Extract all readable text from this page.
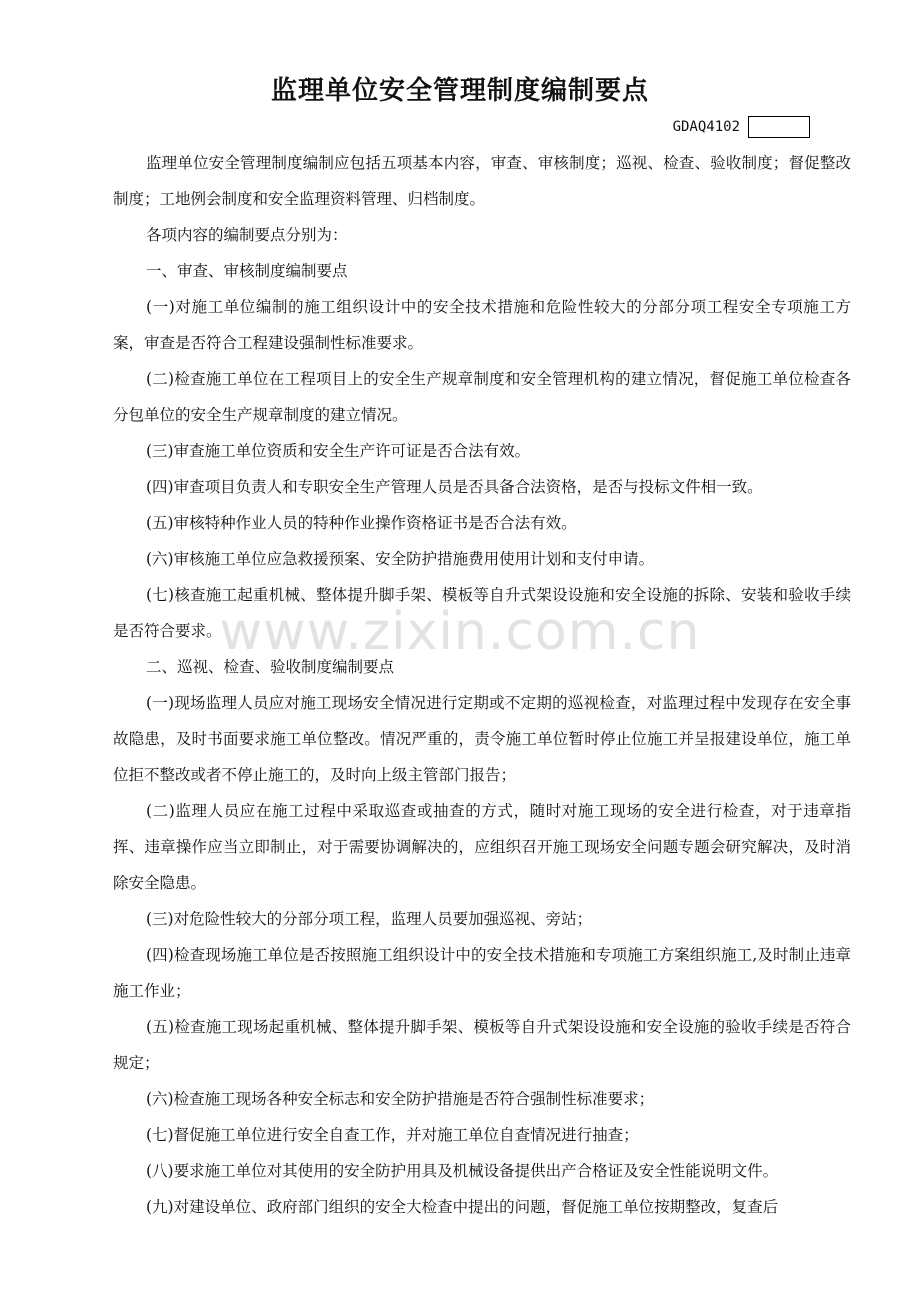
监理单位安全管理制度编制要点
GDAQ4102

监理单位安全管理制度编制应包括五项基本内容，审查、审核制度；巡视、检查、验收制度；督促整改制度；工地例会制度和安全监理资料管理、归档制度。

各项内容的编制要点分别为：

一、审查、审核制度编制要点

(一)对施工单位编制的施工组织设计中的安全技术措施和危险性较大的分部分项工程安全专项施工方案，审查是否符合工程建设强制性标准要求。

(二)检查施工单位在工程项目上的安全生产规章制度和安全管理机构的建立情况，督促施工单位检查各分包单位的安全生产规章制度的建立情况。

(三)审查施工单位资质和安全生产许可证是否合法有效。

(四)审查项目负责人和专职安全生产管理人员是否具备合法资格，是否与投标文件相一致。

(五)审核特种作业人员的特种作业操作资格证书是否合法有效。

(六)审核施工单位应急救援预案、安全防护措施费用使用计划和支付申请。

(七)核查施工起重机械、整体提升脚手架、模板等自升式架设设施和安全设施的拆除、安装和验收手续是否符合要求。

二、巡视、检查、验收制度编制要点

(一)现场监理人员应对施工现场安全情况进行定期或不定期的巡视检查，对监理过程中发现存在安全事故隐患，及时书面要求施工单位整改。情况严重的，责令施工单位暂时停止位施工并呈报建设单位，施工单位拒不整改或者不停止施工的，及时向上级主管部门报告；

(二)监理人员应在施工过程中采取巡查或抽查的方式，随时对施工现场的安全进行检查，对于违章指挥、违章操作应当立即制止，对于需要协调解决的，应组织召开施工现场安全问题专题会研究解决，及时消除安全隐患。

(三)对危险性较大的分部分项工程，监理人员要加强巡视、旁站；

(四)检查现场施工单位是否按照施工组织设计中的安全技术措施和专项施工方案组织施工,及时制止违章施工作业；

(五)检查施工现场起重机械、整体提升脚手架、模板等自升式架设设施和安全设施的验收手续是否符合规定；

(六)检查施工现场各种安全标志和安全防护措施是否符合强制性标准要求；

(七)督促施工单位进行安全自查工作，并对施工单位自查情况进行抽查；

(八)要求施工单位对其使用的安全防护用具及机械设备提供出产合格证及安全性能说明文件。

(九)对建设单位、政府部门组织的安全大检查中提出的问题，督促施工单位按期整改，复查后

www.zixin.com.cn
